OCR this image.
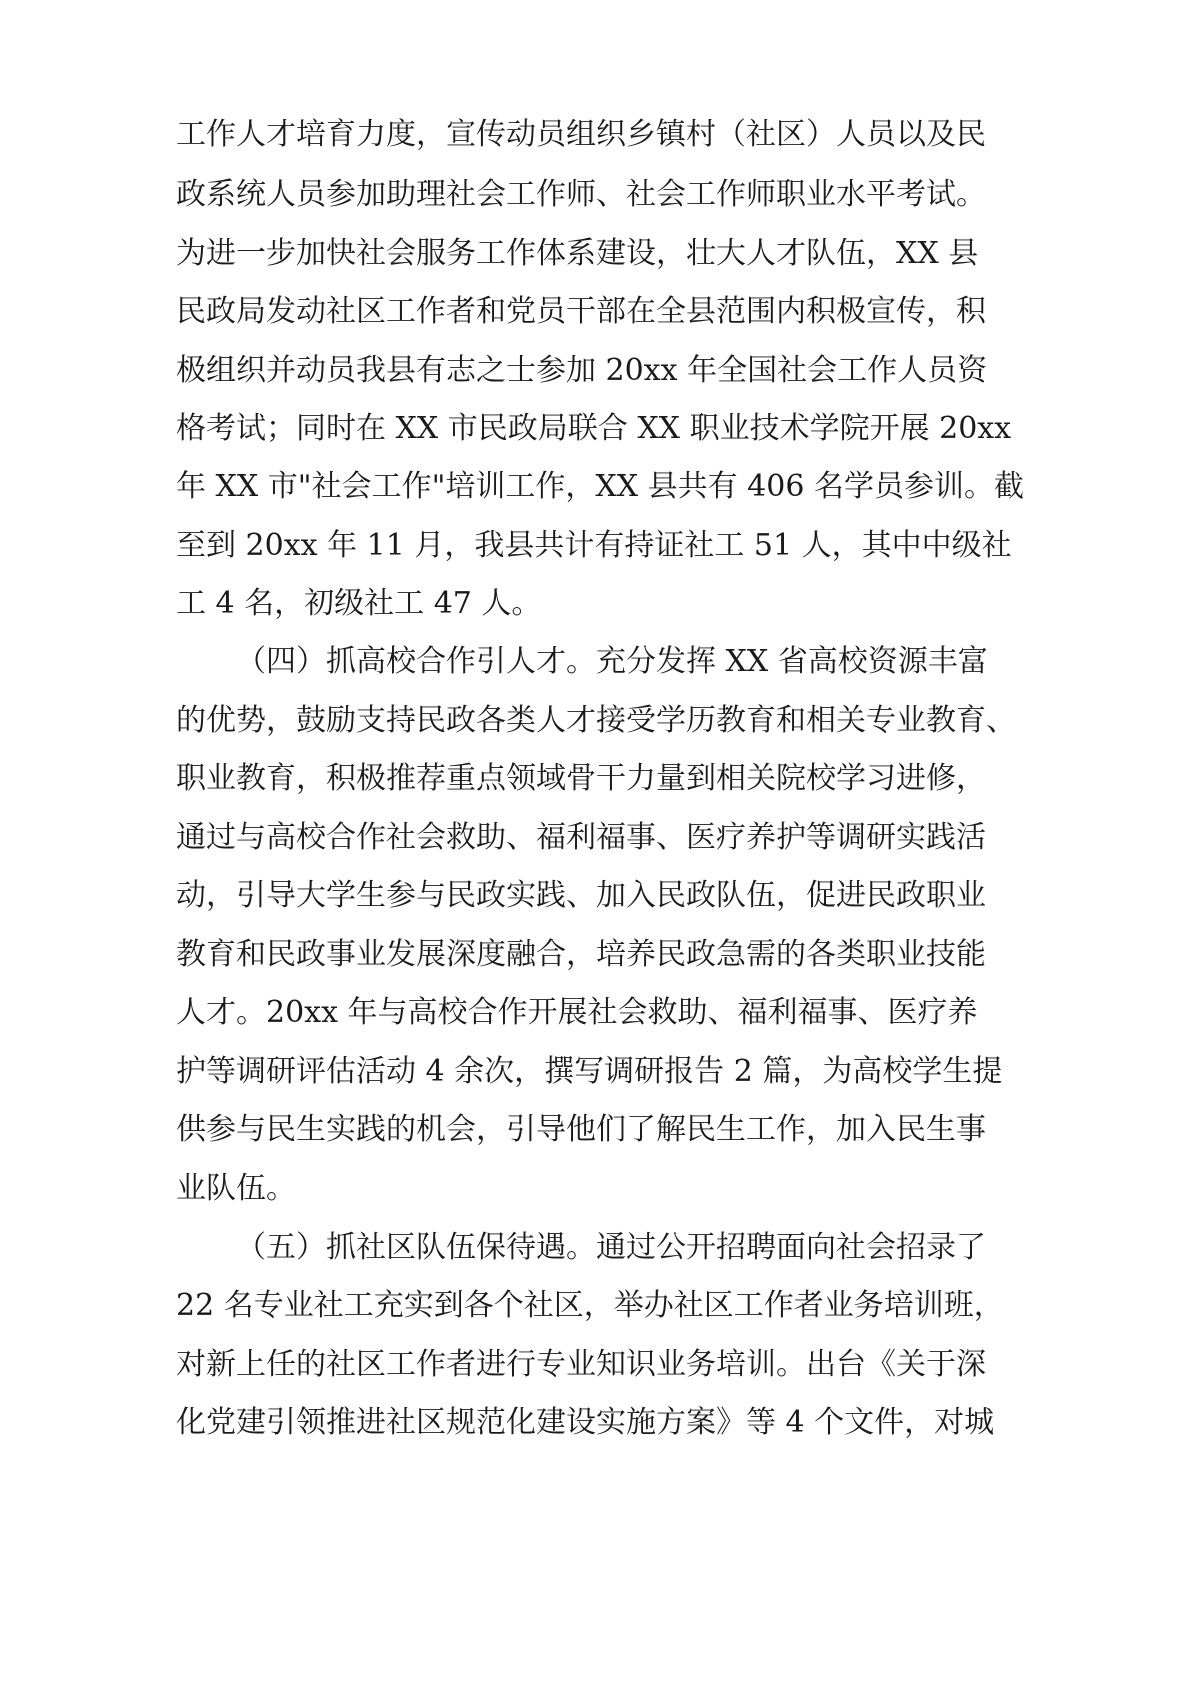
工作人才培育力度，宣传动员组织乡镇村（社区）人员以及民
政系统人员参加助理社会工作师、社会工作师职业水平考试。
为进一步加快社会服务工作体系建设，壮大人才队伍，XX 县
民政局发动社区工作者和党员干部在全县范围内积极宣传，积
极组织并动员我县有志之士参加 20xx 年全国社会工作人员资
格考试；同时在 XX 市民政局联合 XX 职业技术学院开展 20xx
年 XX 市"社会工作"培训工作，XX 县共有 406 名学员参训。截
至到 20xx 年 11 月，我县共计有持证社工 51 人，其中中级社
工 4 名，初级社工 47 人。
（四）抓高校合作引人才。充分发挥 XX 省高校资源丰富
的优势，鼓励支持民政各类人才接受学历教育和相关专业教育、
职业教育，积极推荐重点领域骨干力量到相关院校学习进修，
通过与高校合作社会救助、福利福事、医疗养护等调研实践活
动，引导大学生参与民政实践、加入民政队伍，促进民政职业
教育和民政事业发展深度融合，培养民政急需的各类职业技能
人才。20xx 年与高校合作开展社会救助、福利福事、医疗养
护等调研评估活动 4 余次，撰写调研报告 2 篇，为高校学生提
供参与民生实践的机会，引导他们了解民生工作，加入民生事
业队伍。
（五）抓社区队伍保待遇。通过公开招聘面向社会招录了
22 名专业社工充实到各个社区，举办社区工作者业务培训班，
对新上任的社区工作者进行专业知识业务培训。出台《关于深
化党建引领推进社区规范化建设实施方案》等 4 个文件，对城
